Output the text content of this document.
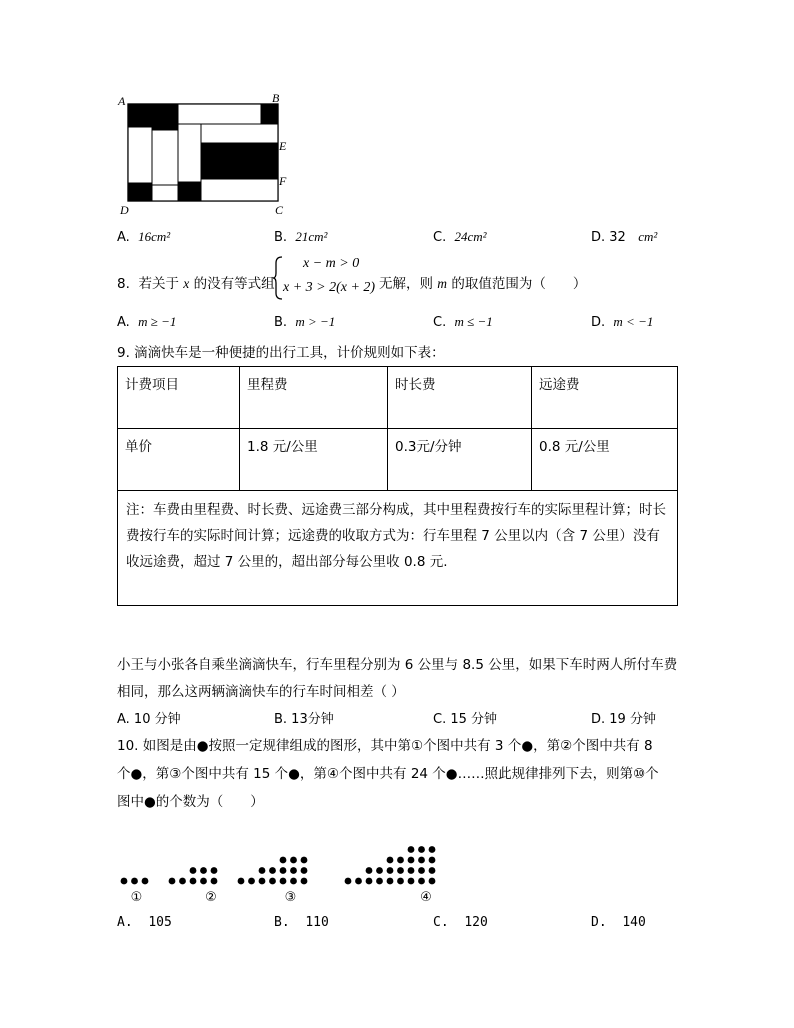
A	B
E
F
D	C
A. 16cm²	B. 21cm²	C. 24cm²	D. 32 cm²
8. 若关于 x 的没有等式组
x − m > 0
x + 3 > 2(x + 2) 无解，则 m 的取值范围为（　　）
A. m ≥ −1	B. m > −1	C. m ≤ −1	D. m < −1
9. 滴滴快车是一种便捷的出行工具，计价规则如下表：
计费项目	里程费	时长费	远途费
单价	1.8 元/公里	0.3元/分钟	0.8 元/公里
注：车费由里程费、时长费、远途费三部分构成，其中里程费按行车的实际里程计算；时长费按行车的实际时间计算；远途费的收取方式为：行车里程 7 公里以内（含 7 公里）没有收远途费，超过 7 公里的，超出部分每公里收 0.8 元.
小王与小张各自乘坐滴滴快车，行车里程分别为 6 公里与 8.5 公里，如果下车时两人所付车费
相同，那么这两辆滴滴快车的行车时间相差（ ）
A. 10 分钟	B. 13分钟	C. 15 分钟	D. 19 分钟
10. 如图是由●按照一定规律组成的图形，其中第①个图中共有 3 个●，第②个图中共有 8
个●，第③个图中共有 15 个●，第④个图中共有 24 个●……照此规律排列下去，则第⑩个
图中●的个数为（　　）
①	②	③	④
A. 105	B. 110	C. 120	D. 140
